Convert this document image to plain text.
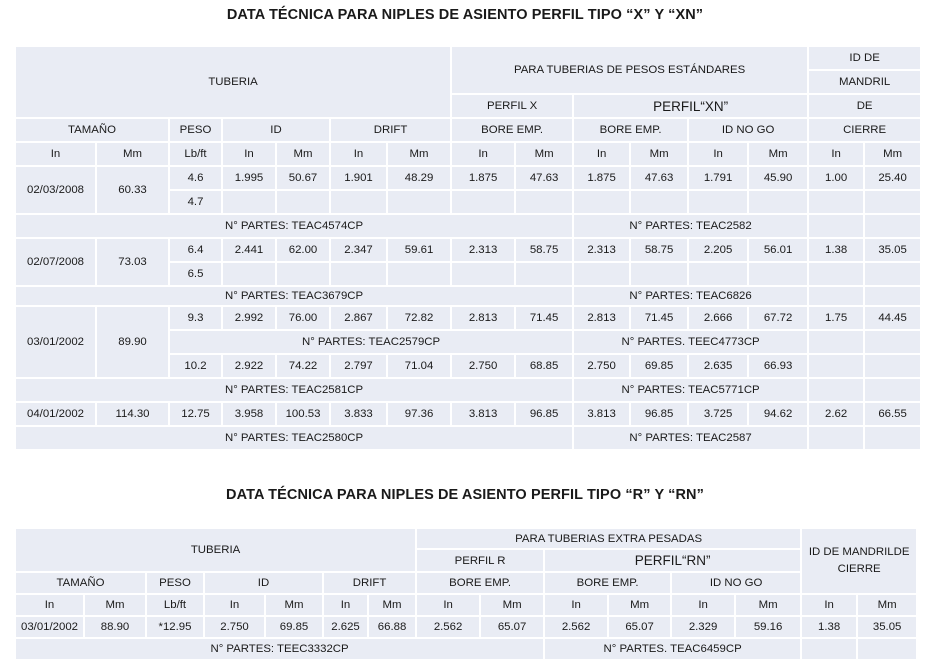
DATA TÉCNICA PARA NIPLES DE ASIENTO PERFIL TIPO “X” Y “XN”
TUBERIA							PARA TUBERIAS DE PESOS ESTÁNDARES						ID DE	
													MANDRIL	
							PERFIL X		PERFIL“XN”				DE	
TAMAÑO		PESO	ID		DRIFT		BORE EMP.		BORE EMP.		ID NO GO		CIERRE	
In	Mm	Lb/ft	In	Mm	In	Mm	In	Mm	In	Mm	In	Mm	In	Mm
02/03/2008	60.33	4.6	1.995	50.67	1.901	48.29	1.875	47.63	1.875	47.63	1.791	45.90	1.00	25.40
		4.7												
N° PARTES: TEAC4574CP									N° PARTES: TEAC2582					
02/07/2008	73.03	6.4	2.441	62.00	2.347	59.61	2.313	58.75	2.313	58.75	2.205	56.01	1.38	35.05
		6.5												
N° PARTES: TEAC3679CP									N° PARTES: TEAC6826					
03/01/2002	89.90	9.3	2.992	76.00	2.867	72.82	2.813	71.45	2.813	71.45	2.666	67.72	1.75	44.45
		N° PARTES: TEAC2579CP							N° PARTES. TEEC4773CP					
		10.2	2.922	74.22	2.797	71.04	2.750	68.85	2.750	69.85	2.635	66.93		
N° PARTES: TEAC2581CP									N° PARTES: TEAC5771CP					
04/01/2002	114.30	12.75	3.958	100.53	3.833	97.36	3.813	96.85	3.813	96.85	3.725	94.62	2.62	66.55
N° PARTES: TEAC2580CP									N° PARTES: TEAC2587					
DATA TÉCNICA PARA NIPLES DE ASIENTO PERFIL TIPO “R” Y “RN”
TUBERIA							PARA TUBERIAS EXTRA PESADAS						ID DE MANDRILDE CIERRE	
							PERFIL R		PERFIL“RN”					
TAMAÑO		PESO	ID		DRIFT		BORE EMP.		BORE EMP.		ID NO GO			
In	Mm	Lb/ft	In	Mm	In	Mm	In	Mm	In	Mm	In	Mm	In	Mm
03/01/2002	88.90	*12.95	2.750	69.85	2.625	66.88	2.562	65.07	2.562	65.07	2.329	59.16	1.38	35.05
N° PARTES: TEEC3332CP									N° PARTES. TEAC6459CP					
